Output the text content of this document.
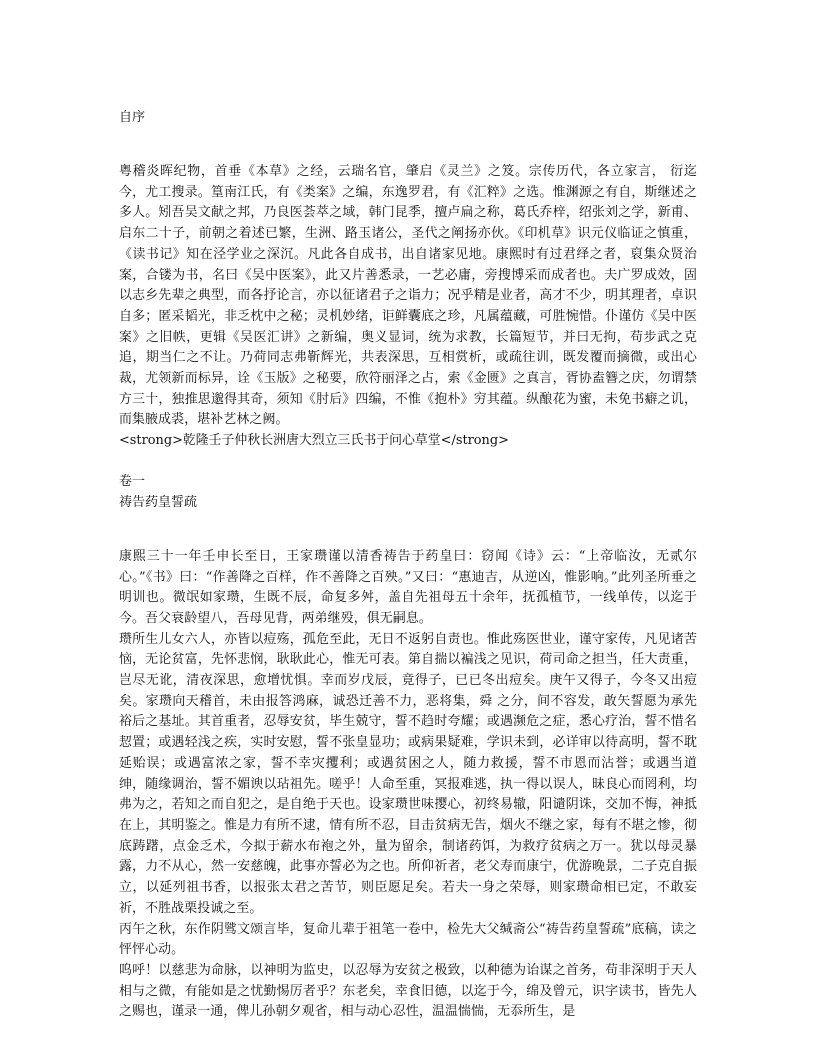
自序

粤稽炎晖纪物，首垂《本草》之经，云瑞名官，肇启《灵兰》之笈。宗传历代，各立家言， 衍迄今，尤工搜录。篁南江氏，有《类案》之编，东逸罗君，有《汇粹》之选。惟渊源之有自，斯继述之多人。矧吾吴文献之邦，乃良医荟萃之域，韩门昆季，擅卢扁之称，葛氏乔梓，绍张刘之学，新甫、启东二十子，前朝之着述已繁，生洲、路玉诸公，圣代之阐扬亦伙。《印机草》识元仪临证之慎重，《读书记》知在泾学业之深沉。凡此各自成书，出自诸家见地。康熙时有过君绎之者，裒集众贤治案，合镂为书，名曰《吴中医案》，此又片善悉录，一艺必庸，旁搜博采而成者也。夫广罗成效，固以志乡先辈之典型，而各抒论言，亦以征诸君子之诣力；况乎精是业者，高才不少，明其理者，卓识自多；匿采韬光，非乏枕中之秘；灵机妙绪，讵鲜囊底之珍，凡属蕴藏，可胜惋惜。仆谨仿《吴中医案》之旧帙，更辑《吴医汇讲》之新编，奥义显词，统为求教，长篇短节，并曰无拘，苟步武之克追，期当仁之不让。乃荷同志弗靳辉光，共表深思，互相赏析，或疏往训，既发覆而摘微，或出心裁，尤领新而标异，诠《玉版》之秘要，欣符丽泽之占，索《金匮》之真言，胥协盍簪之庆，勿谓禁方三十，独推思邈得其奇，须知《肘后》四编，不惟《抱朴》穷其蕴。纵酿花为蜜，未免书癖之讥，而集腋成裘，堪补艺林之阙。

<strong>乾隆壬子仲秋长洲唐大烈立三氏书于问心草堂</strong>

卷一

祷告药皇誓疏

康熙三十一年壬申长至日，王家瓒谨以清香祷告于药皇曰：窃闻《诗》云：“上帝临汝，无贰尔心。”《书》曰：“作善降之百样，作不善降之百殃。”又曰：“惠迪吉，从逆凶，惟影响。”此列圣所垂之明训也。微氓如家瓒，生既不辰，命复多舛，盖自先祖母五十余年，抚孤植节，一线单传，以迄于今。吾父衰龄望八，吾母见背，两弟继殁，俱无嗣息。

瓒所生儿女六人，亦皆以痘殇，孤危至此，无日不返躬自责也。惟此殇医世业，谨守家传，凡见诸苦恼，无论贫富，先怀悲悯，耿耿此心，惟无可表。第自揣以褊浅之见识，荷司命之担当，任大责重，岂尽无讹，清夜深思，愈增忧惧。幸而岁戊辰，竟得子，已已冬出痘矣。庚午又得子，今冬又出痘矣。家瓒向天稽首，未由报答鸿麻，诚恐迁善不力，恶将集，舜 之分，间不容发，敢矢誓愿为承先裕后之基址。其首重者，忍辱安贫，毕生兢守，誓不趋时夸耀；或遇濒危之症，悉心疗治，誓不惜名恝置；或遇轻浅之疾，实时安慰，誓不张皇显功；或病果疑难，学识未到，必详审以待高明，誓不耽延贻误；或遇富浓之家，誓不幸灾攫利；或遇贫困之人，随力救援，誓不市恩而沾誉；或遇当道 绅，随缘调治，誓不媚谀以玷祖先。嗟乎！人命至重，冥报难逃，执一得以误人，昧良心而罔利，均弗为之，若知之而自犯之，是自绝于天也。设家瓒世味撄心，初终易辙，阳谴阴诛，交加不悔，神抵在上，其明鉴之。惟是力有所不逮，情有所不忍，目击贫病无告，烟火不继之家，每有不堪之惨，彻底踌躇，点金乏术，今拟于薪水布袍之外，量为留余，制诸药饵，为救疗贫病之万一。犹以母灵暴露，力不从心，然一安慈魄，此事亦誓必为之也。所仰祈者，老父寿而康宁，优游晚景，二子克自振立，以延列祖书香，以报张太君之苦节，则臣愿足矣。若夫一身之荣辱，则家瓒命相已定，不敢妄祈，不胜战栗投诚之至。

丙午之秋，东作阴骘文颂言毕，复命儿辈于祖笔一卷中，检先大父缄斋公“祷告药皇誓疏”底稿，读之怦怦心动。

呜呼！以慈悲为命脉，以神明为监史，以忍辱为安贫之极致，以种德为诒谋之首务，苟非深明于天人相与之微，有能如是之忧勤惕厉者乎？东老矣，幸食旧德，以迄于今，绵及曾元，识字读书，皆先人之赐也，谨录一通，俾儿孙朝夕观省，相与动心忍性，温温惴惴，无忝所生，是
